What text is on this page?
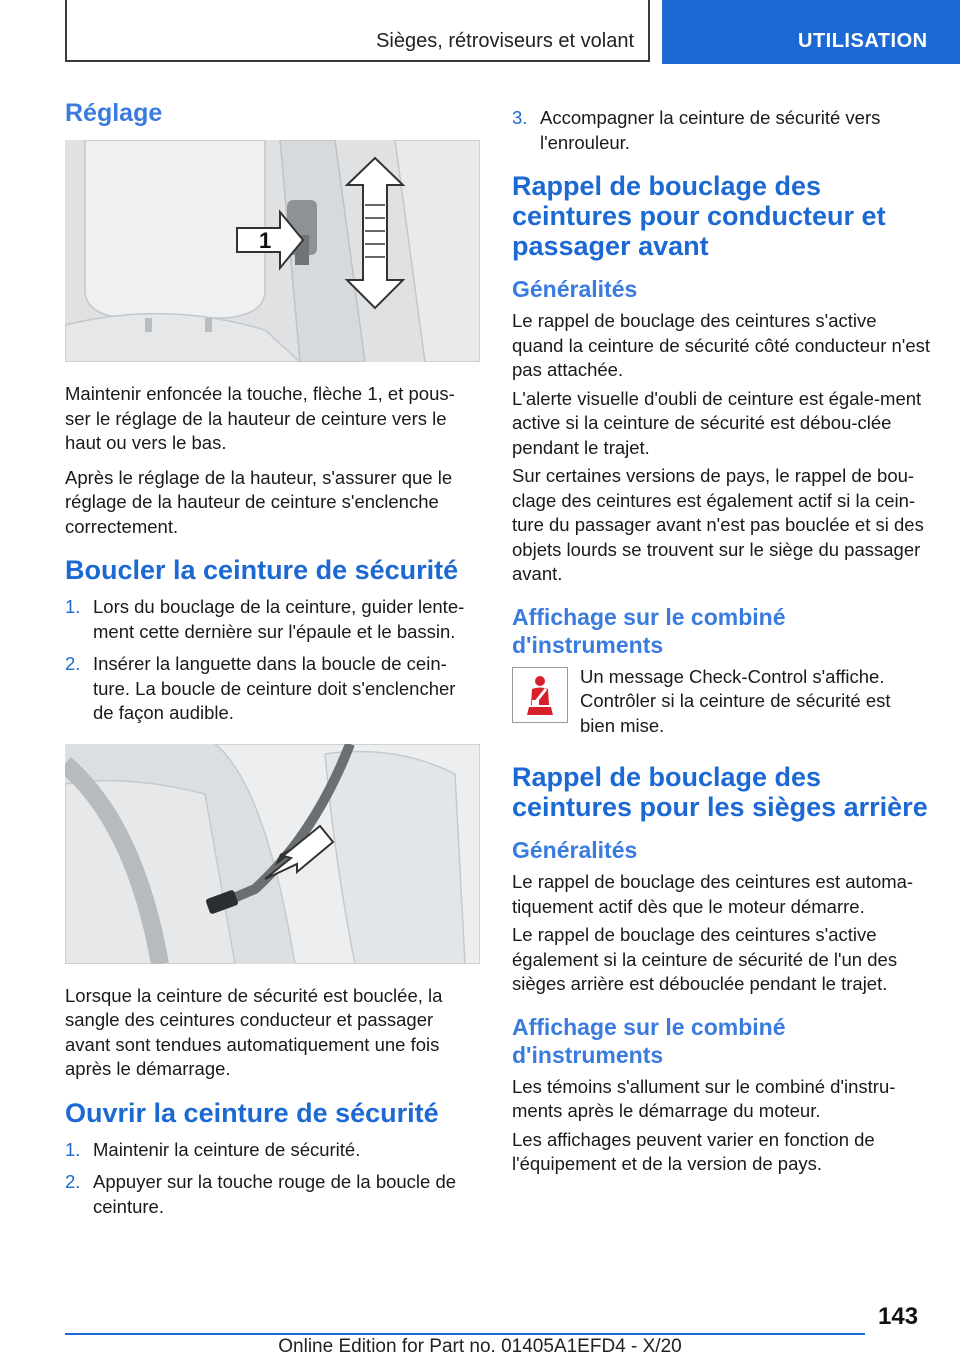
Sièges, rétroviseurs et volant	UTILISATION
Réglage
1
Maintenir enfoncée la touche, flèche 1, et pous-ser le réglage de la hauteur de ceinture vers le haut ou vers le bas.
Après le réglage de la hauteur, s'assurer que le réglage de la hauteur de ceinture s'enclenche correctement.
Boucler la ceinture de sécurité
1. Lors du bouclage de la ceinture, guider lente-ment cette dernière sur l'épaule et le bassin.
2. Insérer la languette dans la boucle de cein-ture. La boucle de ceinture doit s'enclencher de façon audible.
Lorsque la ceinture de sécurité est bouclée, la sangle des ceintures conducteur et passager avant sont tendues automatiquement une fois après le démarrage.
Ouvrir la ceinture de sécurité
1. Maintenir la ceinture de sécurité.
2. Appuyer sur la touche rouge de la boucle de ceinture.
3. Accompagner la ceinture de sécurité vers l'enrouleur.
Rappel de bouclage des ceintures pour conducteur et passager avant
Généralités
Le rappel de bouclage des ceintures s'active quand la ceinture de sécurité côté conducteur n'est pas attachée.
L'alerte visuelle d'oubli de ceinture est égale-ment active si la ceinture de sécurité est débou-clée pendant le trajet.
Sur certaines versions de pays, le rappel de bou-clage des ceintures est également actif si la cein-ture du passager avant n'est pas bouclée et si des objets lourds se trouvent sur le siège du passager avant.
Affichage sur le combiné d'instruments
Un message Check-Control s'affiche. Contrôler si la ceinture de sécurité est bien mise.
Rappel de bouclage des ceintures pour les sièges arrière
Généralités
Le rappel de bouclage des ceintures est automa-tiquement actif dès que le moteur démarre.
Le rappel de bouclage des ceintures s'active également si la ceinture de sécurité de l'un des sièges arrière est débouclée pendant le trajet.
Affichage sur le combiné d'instruments
Les témoins s'allument sur le combiné d'instru-ments après le démarrage du moteur.
Les affichages peuvent varier en fonction de l'équipement et de la version de pays.
143
Online Edition for Part no. 01405A1EFD4 - X/20
